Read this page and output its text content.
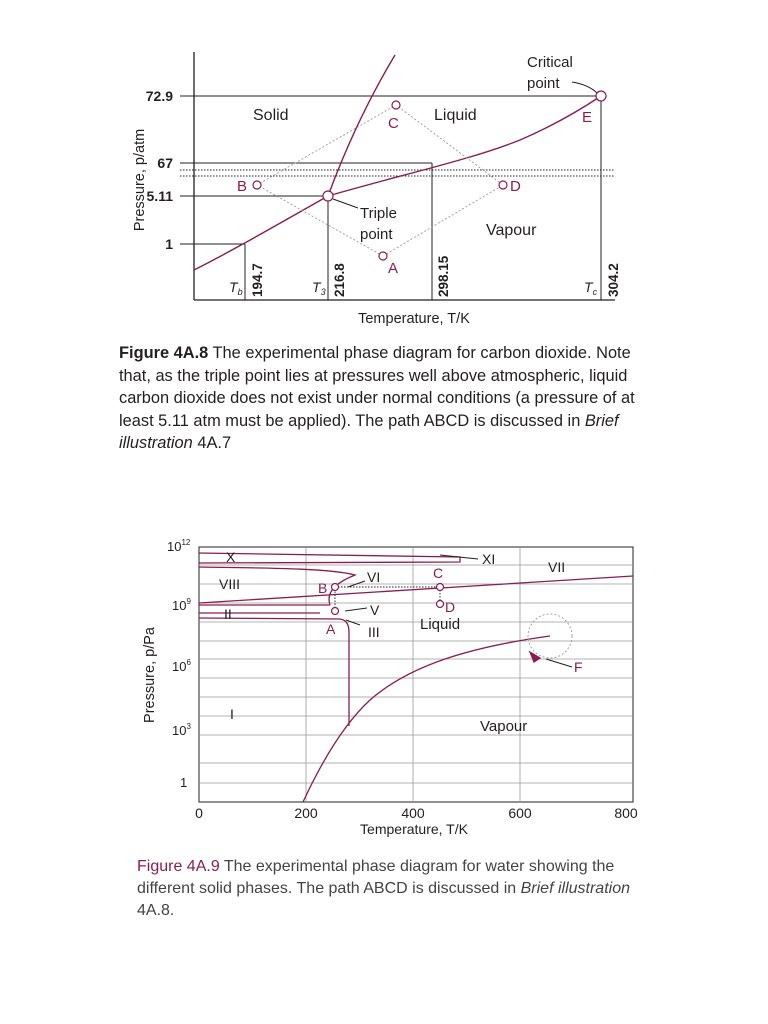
72.9
67
5.11
1
Pressure, p/atm
Solid	Liquid
Vapour
A
B
C
D
E
Critical
point
Triple
point
$T_b$	$T_3$	$T_c$
194.7	216.8	298.15	304.2
Temperature, T/K

Figure 4A.8 The experimental phase diagram for carbon dioxide. Note that, as the triple point lies at pressures well above atmospheric, liquid carbon dioxide does not exist under normal conditions (a pressure of at least 5.11 atm must be applied). The path ABCD is discussed in Brief illustration 4A.7

$10^{12}$
$10^9$
$10^6$
$10^3$
1
0	200	400	600	800
Temperature, T/K
Pressure, p/Pa
X	XI	VII
VIII	VI
II	V
III
I
Liquid
Vapour
A
B
C
D
F

Figure 4A.9 The experimental phase diagram for water showing the different solid phases. The path ABCD is discussed in Brief illustration 4A.8.
